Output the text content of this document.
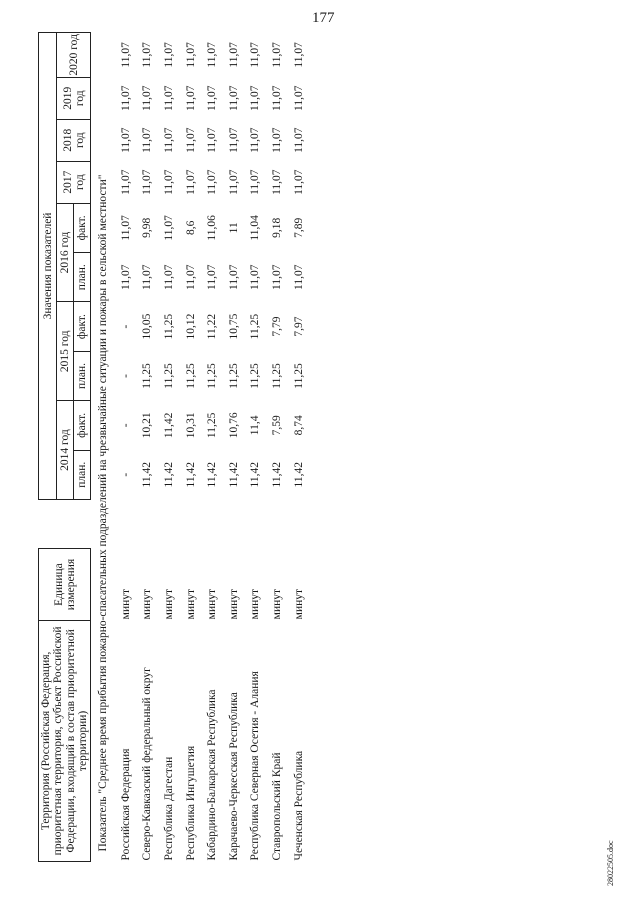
177
Территория (Российская Федерация, приоритетная территория, субъект Российской Федерации, входящий в состав приоритетной территории)	Единица измерения		Значения показателей									
			2014 год		2015 год		2016 год		2017 год	2018 год	2019 год	2020 год
			план.	факт.	план.	факт.	план.	факт.				
Показатель "Среднее время прибытия пожарно-спасательных подразделений на чрезвычайные ситуации и пожары в сельской местности"												
Российская Федерация	минут		-	-	-	-	11,07	11,07	11,07	11,07	11,07	11,07
Северо-Кавказский федеральный округ	минут		11,42	10,21	11,25	10,05	11,07	9,98	11,07	11,07	11,07	11,07
Республика Дагестан	минут		11,42	11,42	11,25	11,25	11,07	11,07	11,07	11,07	11,07	11,07
Республика Ингушетия	минут		11,42	10,31	11,25	10,12	11,07	8,6	11,07	11,07	11,07	11,07
Кабардино-Балкарская Республика	минут		11,42	11,25	11,25	11,22	11,07	11,06	11,07	11,07	11,07	11,07
Карачаево-Черкесская Республика	минут		11,42	10,76	11,25	10,75	11,07	11	11,07	11,07	11,07	11,07
Республика Северная Осетия - Алания	минут		11,42	11,4	11,25	11,25	11,07	11,04	11,07	11,07	11,07	11,07
Ставропольский Край	минут		11,42	7,59	11,25	7,79	11,07	9,18	11,07	11,07	11,07	11,07
Чеченская Республика	минут		11,42	8,74	11,25	7,97	11,07	7,89	11,07	11,07	11,07	11,07
28022505.doc
